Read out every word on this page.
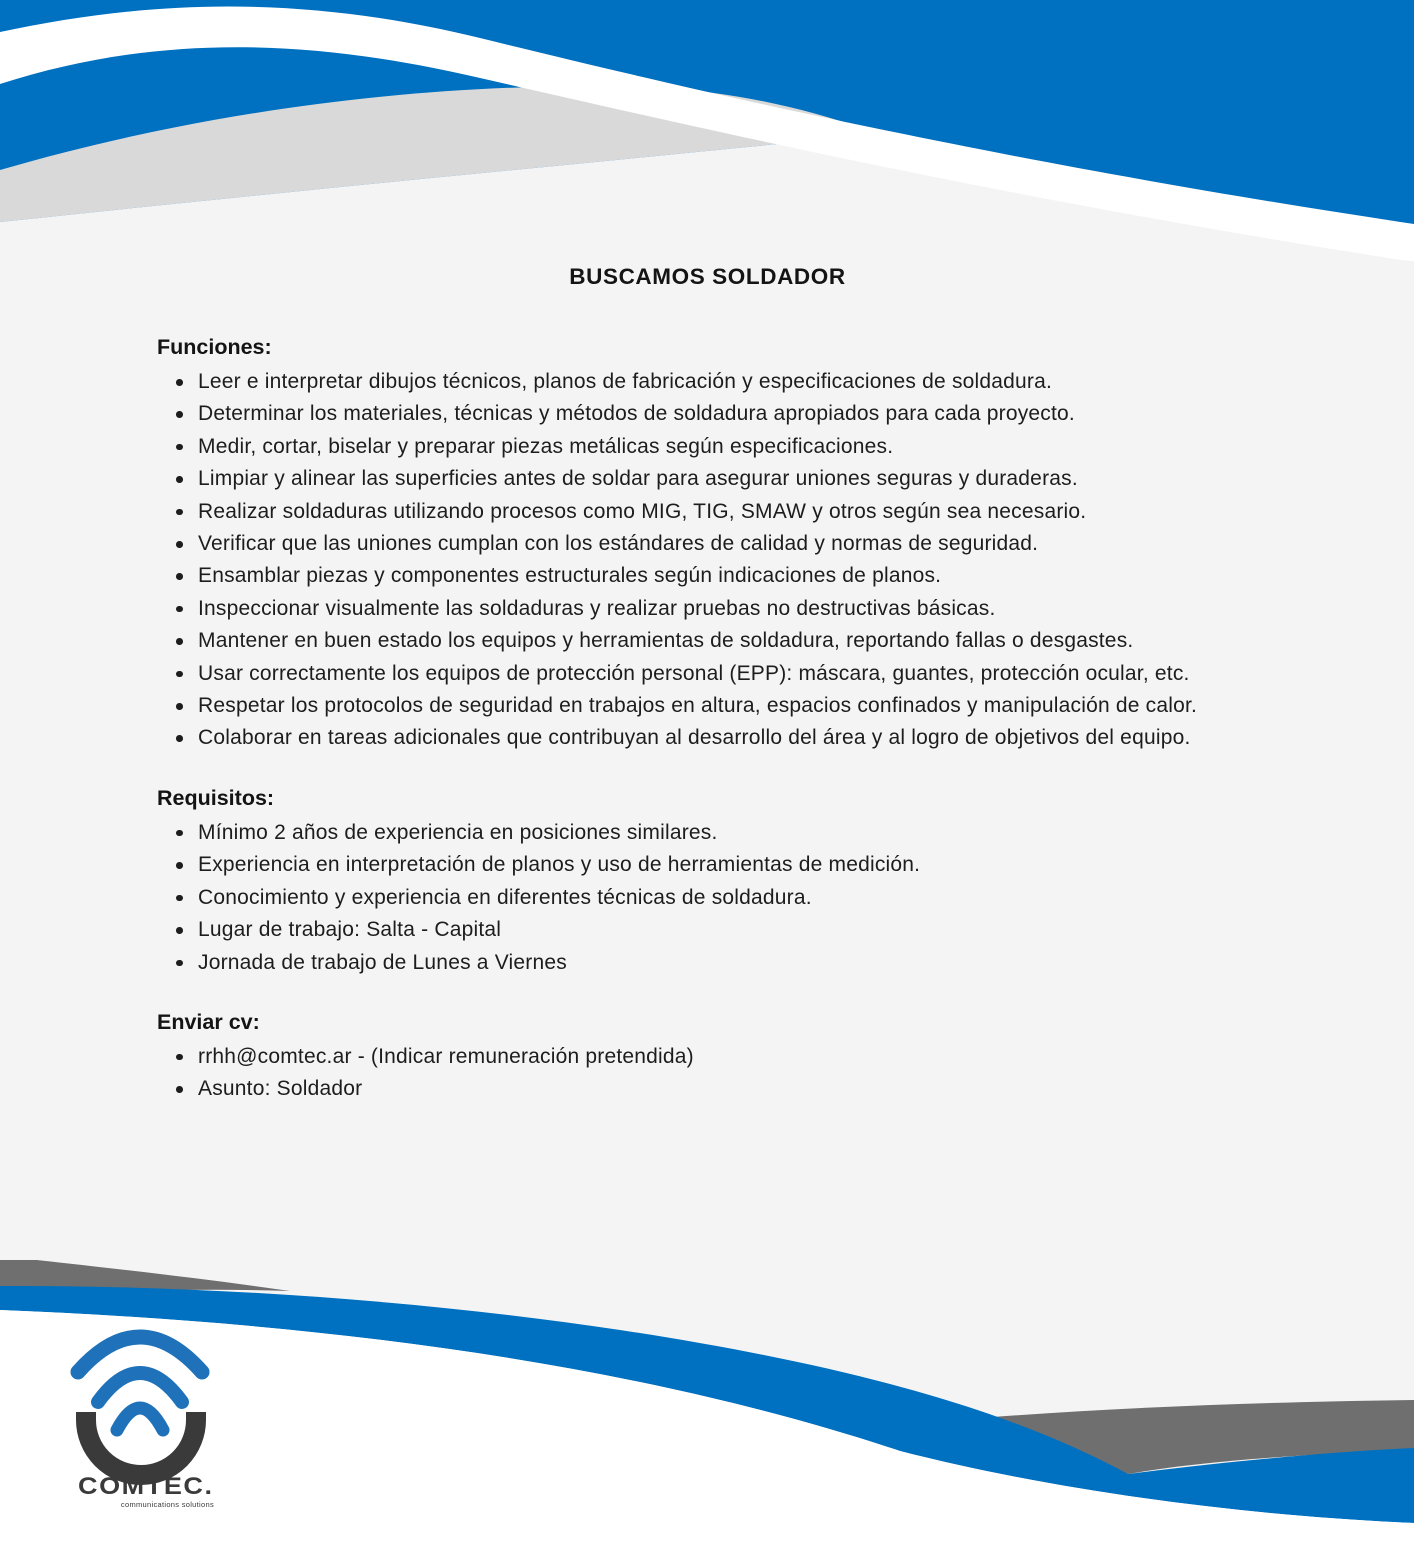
BUSCAMOS SOLDADOR
Funciones:
Leer e interpretar dibujos técnicos, planos de fabricación y especificaciones de soldadura.
Determinar los materiales, técnicas y métodos de soldadura apropiados para cada proyecto.
Medir, cortar, biselar y preparar piezas metálicas según especificaciones.
Limpiar y alinear las superficies antes de soldar para asegurar uniones seguras y duraderas.
Realizar soldaduras utilizando procesos como MIG, TIG, SMAW y otros según sea necesario.
Verificar que las uniones cumplan con los estándares de calidad y normas de seguridad.
Ensamblar piezas y componentes estructurales según indicaciones de planos.
Inspeccionar visualmente las soldaduras y realizar pruebas no destructivas básicas.
Mantener en buen estado los equipos y herramientas de soldadura, reportando fallas o desgastes.
Usar correctamente los equipos de protección personal (EPP): máscara, guantes, protección ocular, etc.
Respetar los protocolos de seguridad en trabajos en altura, espacios confinados y manipulación de calor.
Colaborar en tareas adicionales que contribuyan al desarrollo del área y al logro de objetivos del equipo.
Requisitos:
Mínimo 2 años de experiencia en posiciones similares.
Experiencia en interpretación de planos y uso de herramientas de medición.
Conocimiento y experiencia en diferentes técnicas de soldadura.
Lugar de trabajo: Salta - Capital
Jornada de trabajo de Lunes a Viernes
Enviar cv:
rrhh@comtec.ar - (Indicar remuneración pretendida)
Asunto: Soldador
COMTEC.
communications solutions
